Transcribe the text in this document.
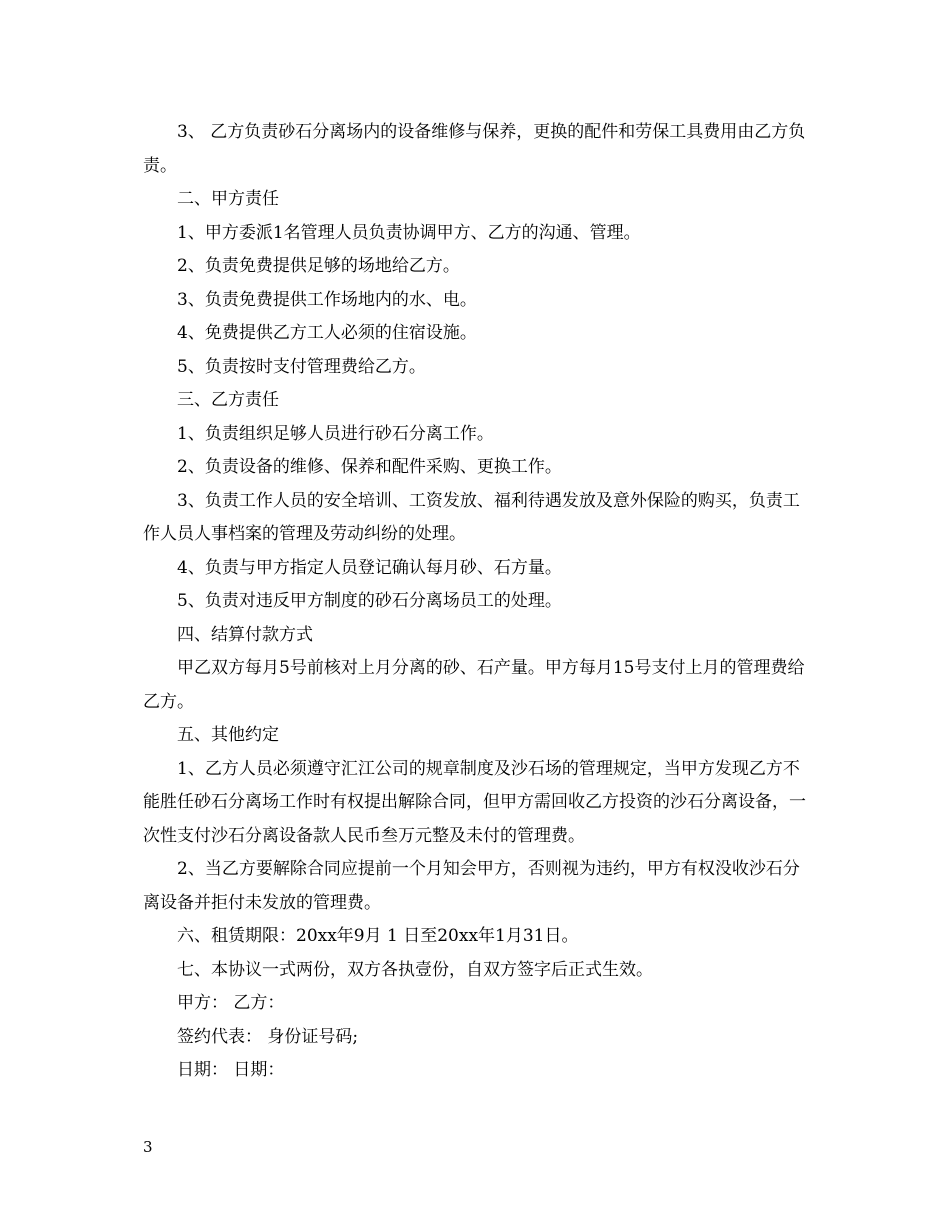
3、 乙方负责砂石分离场内的设备维修与保养，更换的配件和劳保工具费用由乙方负责。

二、甲方责任

1、甲方委派1名管理人员负责协调甲方、乙方的沟通、管理。

2、负责免费提供足够的场地给乙方。

3、负责免费提供工作场地内的水、电。

4、免费提供乙方工人必须的住宿设施。

5、负责按时支付管理费给乙方。

三、乙方责任

1、负责组织足够人员进行砂石分离工作。

2、负责设备的维修、保养和配件采购、更换工作。

3、负责工作人员的安全培训、工资发放、福利待遇发放及意外保险的购买，负责工作人员人事档案的管理及劳动纠纷的处理。

4、负责与甲方指定人员登记确认每月砂、石方量。

5、负责对违反甲方制度的砂石分离场员工的处理。

四、结算付款方式

甲乙双方每月5号前核对上月分离的砂、石产量。甲方每月15号支付上月的管理费给乙方。

五、其他约定

1、乙方人员必须遵守汇江公司的规章制度及沙石场的管理规定，当甲方发现乙方不能胜任砂石分离场工作时有权提出解除合同，但甲方需回收乙方投资的沙石分离设备，一次性支付沙石分离设备款人民币叁万元整及未付的管理费。

2、当乙方要解除合同应提前一个月知会甲方，否则视为违约，甲方有权没收沙石分离设备并拒付未发放的管理费。

六、租赁期限：20xx年9月 1 日至20xx年1月31日。

七、本协议一式两份，双方各执壹份，自双方签字后正式生效。

甲方： 乙方：

签约代表： 身份证号码;

日期： 日期：

3
